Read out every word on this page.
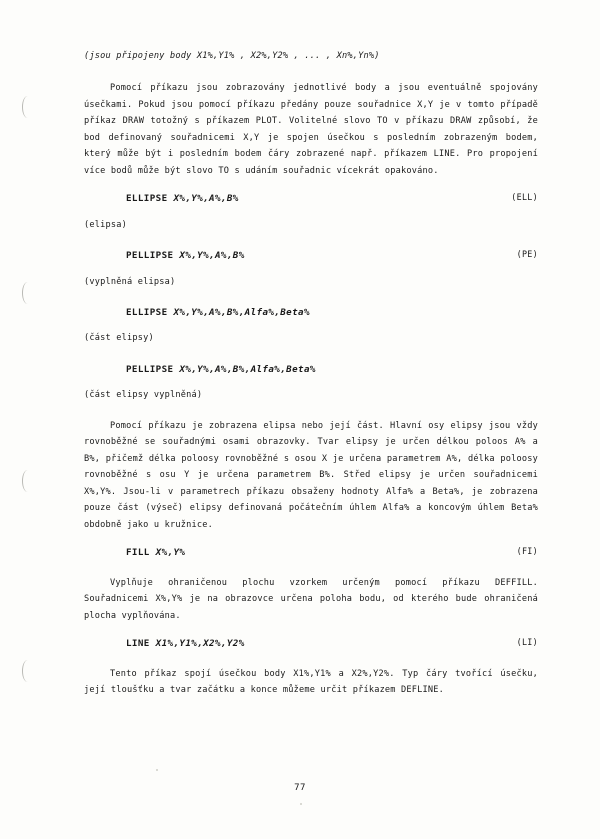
(jsou připojeny body X1%,Y1% , X2%,Y2% , ... , Xn%,Yn%)

Pomocí příkazu jsou zobrazovány jednotlivé body a jsou eventuálně spojovány úsečkami. Pokud jsou pomocí příkazu předány pouze souřadnice X,Y je v tomto případě příkaz DRAW totožný s příkazem PLOT. Volitelné slovo TO v příkazu DRAW způsobí, že bod definovaný souřadnicemi X,Y je spojen úsečkou s posledním zobrazeným bodem, který může být i posledním bodem čáry zobrazené např. příkazem LINE. Pro propojení více bodů může být slovo TO s udáním souřadnic vícekrát opakováno.

ELLIPSE X%,Y%,A%,B%	(ELL)
(elipsa)
PELLIPSE X%,Y%,A%,B%	(PE)
(vyplněná elipsa)
ELLIPSE X%,Y%,A%,B%,Alfa%,Beta%
(část elipsy)
PELLIPSE X%,Y%,A%,B%,Alfa%,Beta%
(část elipsy vyplněná)

Pomocí příkazu je zobrazena elipsa nebo její část. Hlavní osy elipsy jsou vždy rovnoběžné se souřadnými osami obrazovky. Tvar elipsy je určen délkou poloos A% a B%, přičemž délka poloosy rovnoběžné s osou X je určena parametrem A%, délka poloosy rovnoběžné s osu Y je určena parametrem B%. Střed elipsy je určen souřadnicemi X%,Y%. Jsou-li v parametrech příkazu obsaženy hodnoty Alfa% a Beta%, je zobrazena pouze část (výseč) elipsy definovaná počátečním úhlem Alfa% a koncovým úhlem Beta% obdobně jako u kružnice.

FILL X%,Y%	(FI)

Vyplňuje ohraničenou plochu vzorkem určeným pomocí příkazu DEFFILL. Souřadnicemi X%,Y% je na obrazovce určena poloha bodu, od kterého bude ohraničená plocha vyplňována.

LINE X1%,Y1%,X2%,Y2%	(LI)

Tento příkaz spojí úsečkou body X1%,Y1% a X2%,Y2%. Typ čáry tvořící úsečku, její tloušťku a tvar začátku a konce můžeme určit příkazem DEFLINE.

77
